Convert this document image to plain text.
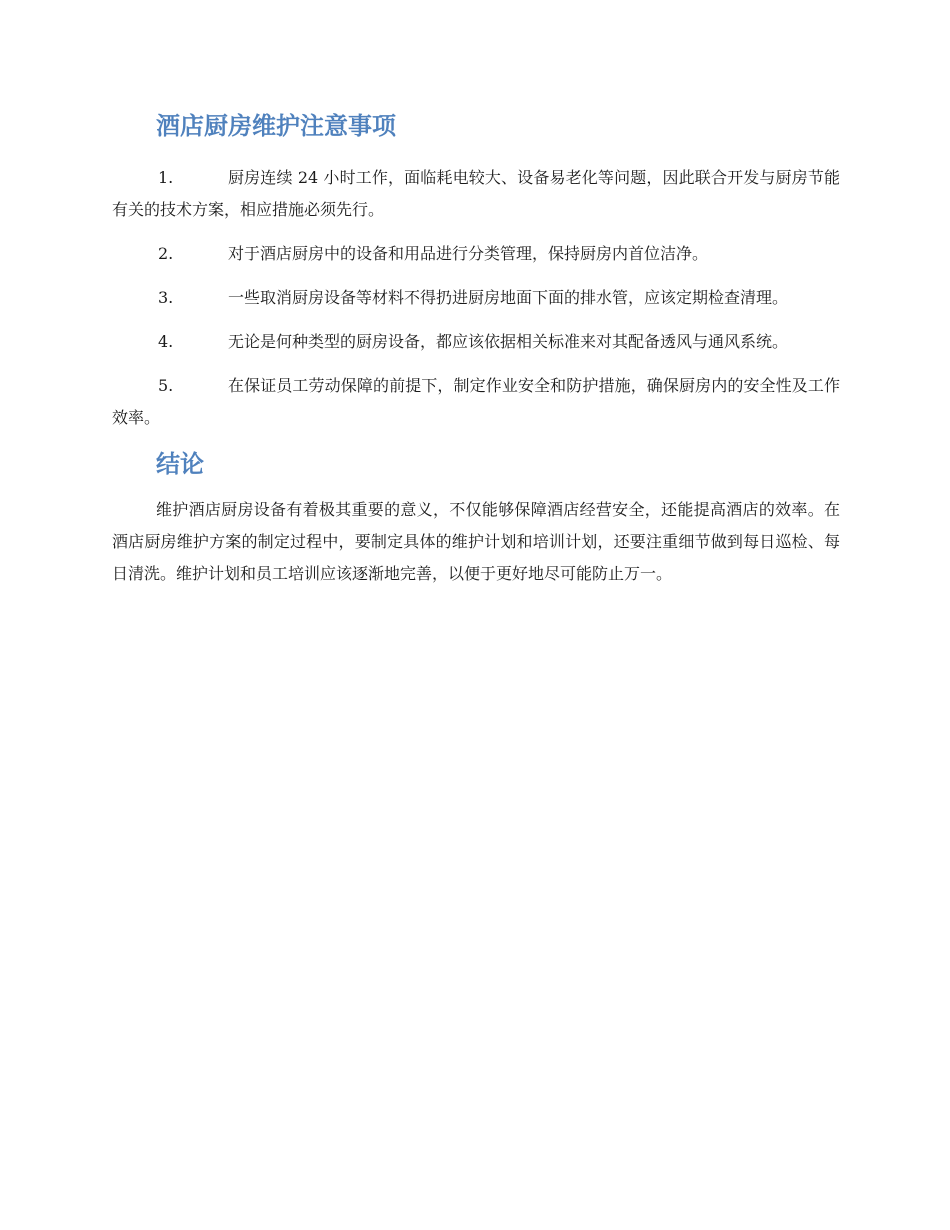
酒店厨房维护注意事项
1.	厨房连续 24 小时工作，面临耗电较大、设备易老化等问题，因此联合开发与厨房节能有关的技术方案，相应措施必须先行。
2.	对于酒店厨房中的设备和用品进行分类管理，保持厨房内首位洁净。
3.	一些取消厨房设备等材料不得扔进厨房地面下面的排水管，应该定期检查清理。
4.	无论是何种类型的厨房设备，都应该依据相关标准来对其配备透风与通风系统。
5.	在保证员工劳动保障的前提下，制定作业安全和防护措施，确保厨房内的安全性及工作效率。
结论
维护酒店厨房设备有着极其重要的意义，不仅能够保障酒店经营安全，还能提高酒店的效率。在酒店厨房维护方案的制定过程中，要制定具体的维护计划和培训计划，还要注重细节做到每日巡检、每日清洗。维护计划和员工培训应该逐渐地完善，以便于更好地尽可能防止万一。
